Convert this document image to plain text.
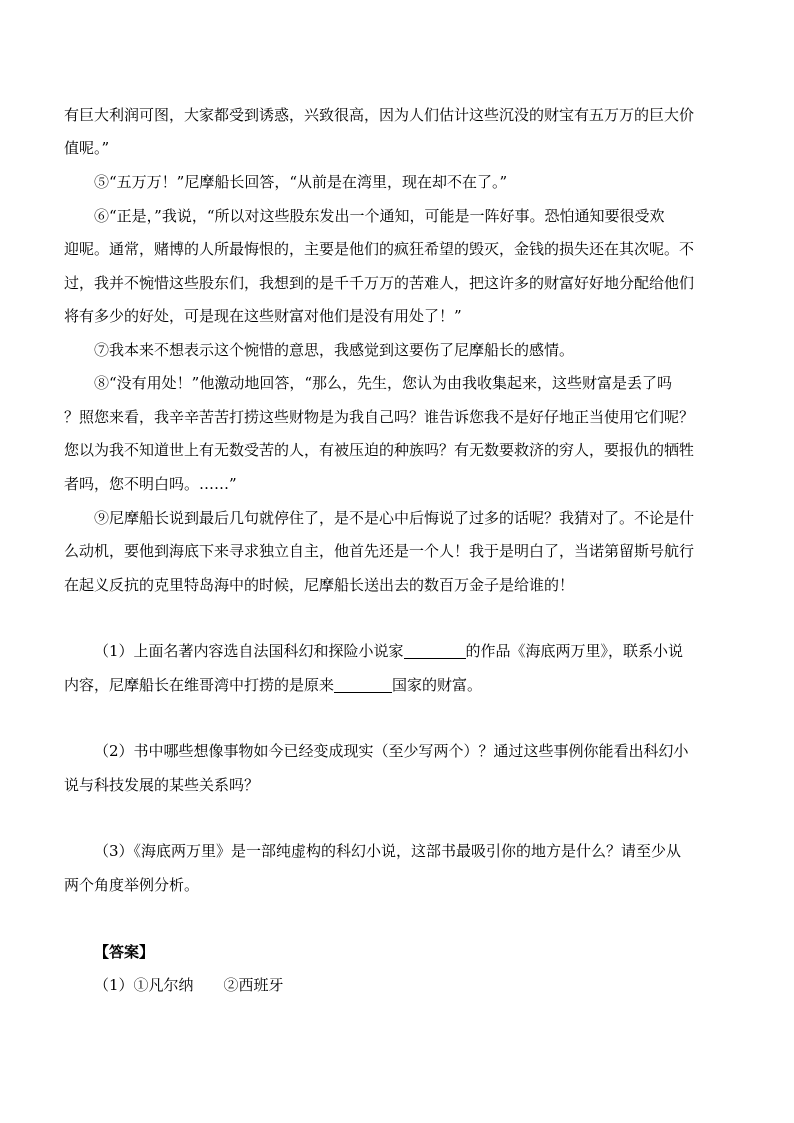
有巨大利润可图，大家都受到诱惑，兴致很高，因为人们估计这些沉没的财宝有五万万的巨大价
值呢。”
⑤“五万万！”尼摩船长回答，“从前是在湾里，现在却不在了。”
⑥“正是，”我说，“所以对这些股东发出一个通知，可能是一阵好事。恐怕通知要很受欢
迎呢。通常，赌博的人所最悔恨的，主要是他们的疯狂希望的毁灭，金钱的损失还在其次呢。不
过，我并不惋惜这些股东们，我想到的是千千万万的苦难人，把这许多的财富好好地分配给他们
将有多少的好处，可是现在这些财富对他们是没有用处了！”
⑦我本来不想表示这个惋惜的意思，我感觉到这要伤了尼摩船长的感情。
⑧“没有用处！”他激动地回答，“那么，先生，您认为由我收集起来，这些财富是丢了吗
？照您来看，我辛辛苦苦打捞这些财物是为我自己吗？谁告诉您我不是好仔地正当使用它们呢？
您以为我不知道世上有无数受苦的人，有被压迫的种族吗？有无数要救济的穷人，要报仇的牺牲
者吗，您不明白吗。……”
⑨尼摩船长说到最后几句就停住了，是不是心中后悔说了过多的话呢？我猜对了。不论是什
么动机，要他到海底下来寻求独立自主，他首先还是一个人！我于是明白了，当诺第留斯号航行
在起义反抗的克里特岛海中的时候，尼摩船长送出去的数百万金子是给谁的！
（1）上面名著内容选自法国科幻和探险小说家	的作品《海底两万里》，联系小说
内容，尼摩船长在维哥湾中打捞的是原来	国家的财富。
（2）书中哪些想像事物如今已经变成现实（至少写两个）？通过这些事例你能看出科幻小
说与科技发展的某些关系吗？
（3）《海底两万里》是一部纯虚构的科幻小说，这部书最吸引你的地方是什么？请至少从
两个角度举例分析。
【答案】
（1）①凡尔纳　　②西班牙
